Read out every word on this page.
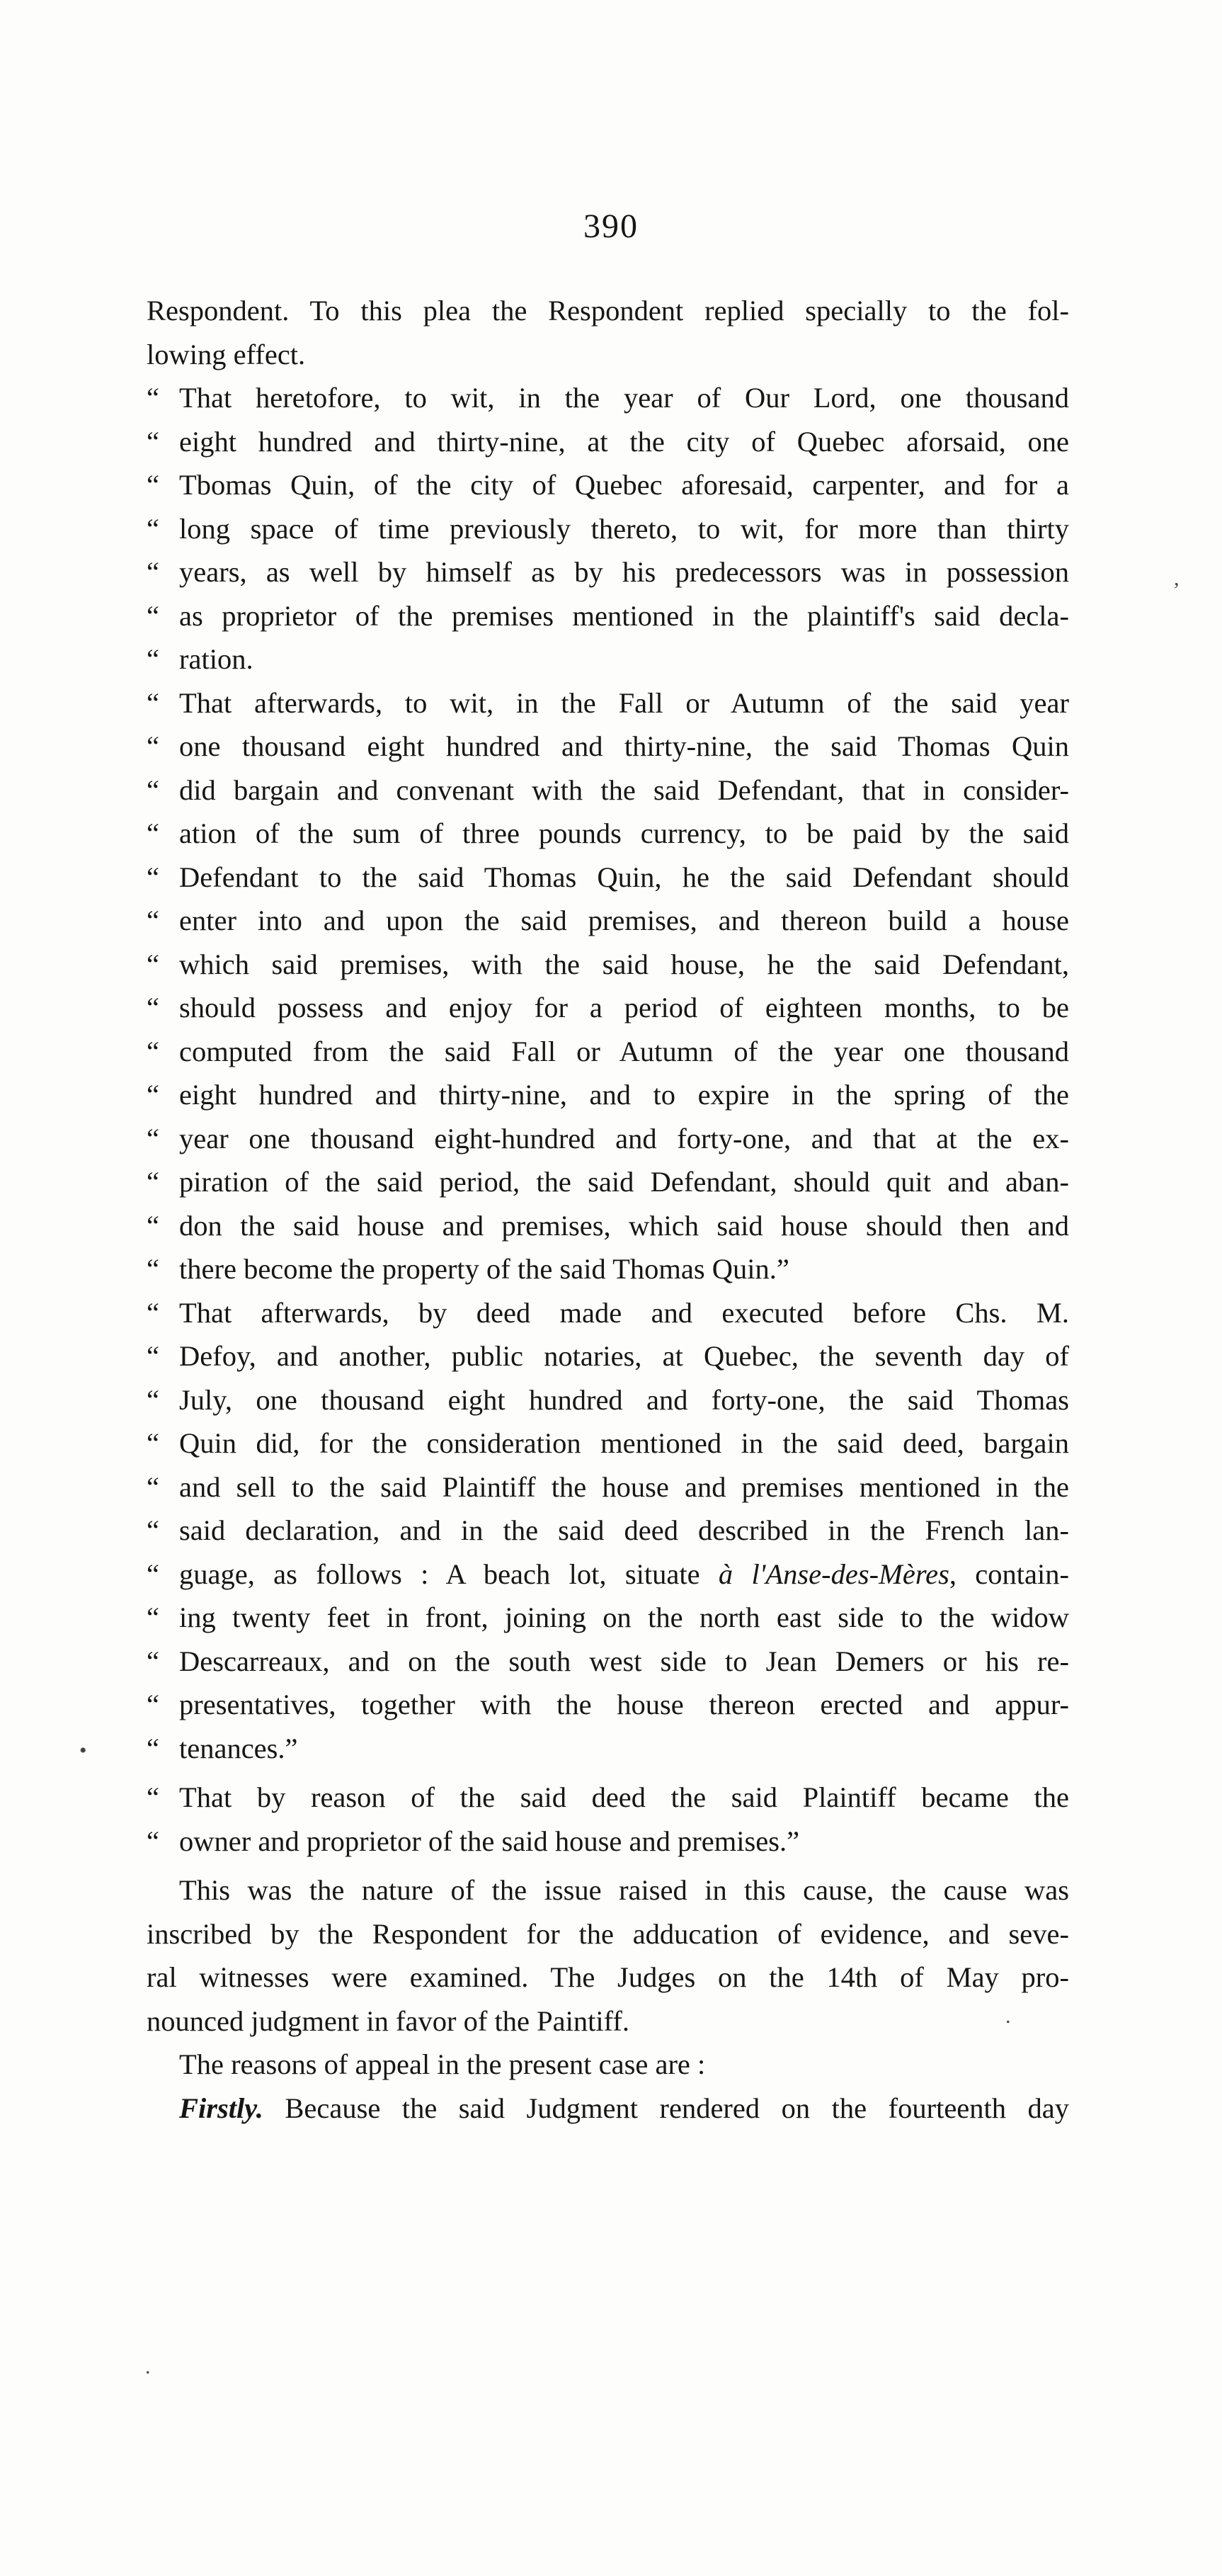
390
Respondent. To this plea the Respondent replied specially to the fol-
lowing effect.
“ That heretofore, to wit, in the year of Our Lord, one thousand
“ eight hundred and thirty-nine, at the city of Quebec aforsaid, one
“ Tbomas Quin, of the city of Quebec aforesaid, carpenter, and for a
“ long space of time previously thereto, to wit, for more than thirty
“ years, as well by himself as by his predecessors was in possession
“ as proprietor of the premises mentioned in the plaintiff's said decla-
“ ration.
“ That afterwards, to wit, in the Fall or Autumn of the said year
“ one thousand eight hundred and thirty-nine, the said Thomas Quin
“ did bargain and convenant with the said Defendant, that in consider-
“ ation of the sum of three pounds currency, to be paid by the said
“ Defendant to the said Thomas Quin, he the said Defendant should
“ enter into and upon the said premises, and thereon build a house
“ which said premises, with the said house, he the said Defendant,
“ should possess and enjoy for a period of eighteen months, to be
“ computed from the said Fall or Autumn of the year one thousand
“ eight hundred and thirty-nine, and to expire in the spring of the
“ year one thousand eight-hundred and forty-one, and that at the ex-
“ piration of the said period, the said Defendant, should quit and aban-
“ don the said house and premises, which said house should then and
“ there become the property of the said Thomas Quin.”
“ That afterwards, by deed made and executed before Chs. M.
“ Defoy, and another, public notaries, at Quebec, the seventh day of
“ July, one thousand eight hundred and forty-one, the said Thomas
“ Quin did, for the consideration mentioned in the said deed, bargain
“ and sell to the said Plaintiff the house and premises mentioned in the
“ said declaration, and in the said deed described in the French lan-
“ guage, as follows : A beach lot, situate à l'Anse-des-Mères, contain-
“ ing twenty feet in front, joining on the north east side to the widow
“ Descarreaux, and on the south west side to Jean Demers or his re-
“ presentatives, together with the house thereon erected and appur-
“ tenances.”
“ That by reason of the said deed the said Plaintiff became the
“ owner and proprietor of the said house and premises.”
This was the nature of the issue raised in this cause, the cause was
inscribed by the Respondent for the adducation of evidence, and seve-
ral witnesses were examined. The Judges on the 14th of May pro-
nounced judgment in favor of the Paintiff.
The reasons of appeal in the present case are :
Firstly. Because the said Judgment rendered on the fourteenth day
,
•
.
.
